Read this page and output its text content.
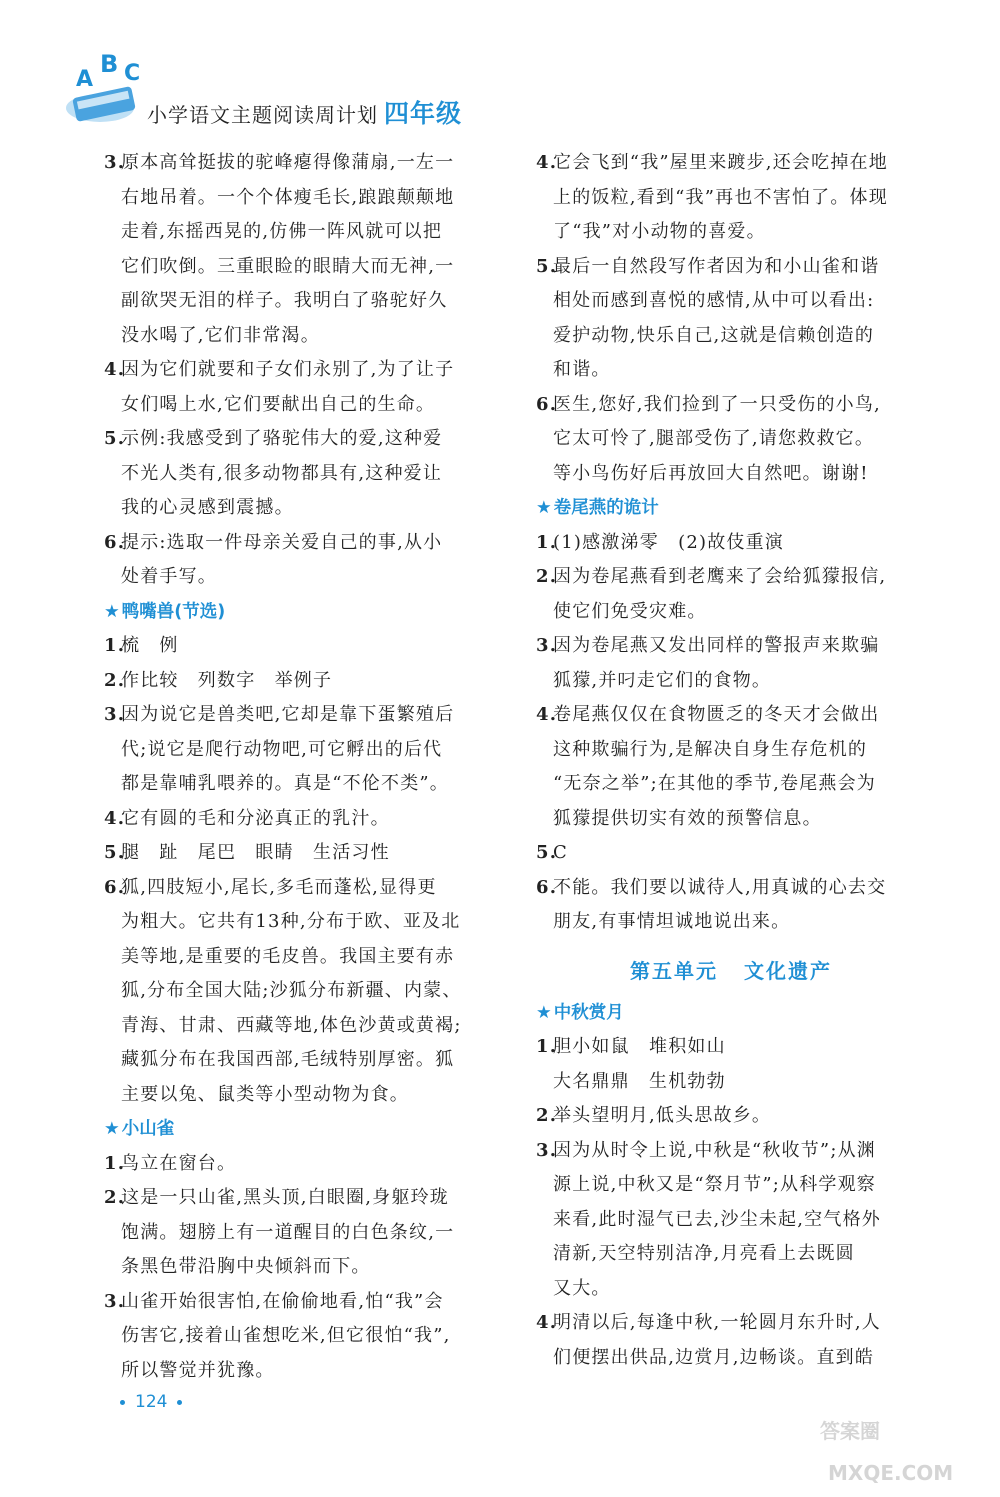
A
B C
小学语文主题阅读周计划 四年级
3.
原本高耸挺拔的驼峰瘪得像蒲扇,一左一
右地吊着。一个个体瘦毛长,踉踉颠颠地
走着,东摇西晃的,仿佛一阵风就可以把
它们吹倒。三重眼睑的眼睛大而无神,一
副欲哭无泪的样子。我明白了骆驼好久
没水喝了,它们非常渴。
4.
因为它们就要和子女们永别了,为了让子
女们喝上水,它们要献出自己的生命。
5.
示例:我感受到了骆驼伟大的爱,这种爱
不光人类有,很多动物都具有,这种爱让
我的心灵感到震撼。
6.
提示:选取一件母亲关爱自己的事,从小
处着手写。
★ 鸭嘴兽(节选)
1.
梳　例
2.
作比较　列数字　举例子
3.
因为说它是兽类吧,它却是靠下蛋繁殖后
代;说它是爬行动物吧,可它孵出的后代
都是靠哺乳喂养的。真是“不伦不类”。
4.
它有圆的毛和分泌真正的乳汁。
5.
腿　趾　尾巴　眼睛　生活习性
6.
狐,四肢短小,尾长,多毛而蓬松,显得更
为粗大。它共有13种,分布于欧、亚及北
美等地,是重要的毛皮兽。我国主要有赤
狐,分布全国大陆;沙狐分布新疆、内蒙、
青海、甘肃、西藏等地,体色沙黄或黄褐;
藏狐分布在我国西部,毛绒特别厚密。狐
主要以兔、鼠类等小型动物为食。
★ 小山雀
1.
鸟立在窗台。
2.
这是一只山雀,黑头顶,白眼圈,身躯玲珑
饱满。翅膀上有一道醒目的白色条纹,一
条黑色带沿胸中央倾斜而下。
3.
山雀开始很害怕,在偷偷地看,怕“我”会
伤害它,接着山雀想吃米,但它很怕“我”,
所以警觉并犹豫。
4.
它会飞到“我”屋里来踱步,还会吃掉在地
上的饭粒,看到“我”再也不害怕了。体现
了“我”对小动物的喜爱。
5.
最后一自然段写作者因为和小山雀和谐
相处而感到喜悦的感情,从中可以看出:
爱护动物,快乐自己,这就是信赖创造的
和谐。
6.
医生,您好,我们捡到了一只受伤的小鸟,
它太可怜了,腿部受伤了,请您救救它。
等小鸟伤好后再放回大自然吧。谢谢!
★ 卷尾燕的诡计
1.
(1)感激涕零　(2)故伎重演
2.
因为卷尾燕看到老鹰来了会给狐獴报信,
使它们免受灾难。
3.
因为卷尾燕又发出同样的警报声来欺骗
狐獴,并叼走它们的食物。
4.
卷尾燕仅仅在食物匮乏的冬天才会做出
这种欺骗行为,是解决自身生存危机的
“无奈之举”;在其他的季节,卷尾燕会为
狐獴提供切实有效的预警信息。
5.
C
6.
不能。我们要以诚待人,用真诚的心去交
朋友,有事情坦诚地说出来。
第五单元 文化遗产
★ 中秋赏月
1.
胆小如鼠　堆积如山
大名鼎鼎　生机勃勃
2.
举头望明月,低头思故乡。
3.
因为从时令上说,中秋是“秋收节”;从渊
源上说,中秋又是“祭月节”;从科学观察
来看,此时湿气已去,沙尘未起,空气格外
清新,天空特别洁净,月亮看上去既圆
又大。
4.
明清以后,每逢中秋,一轮圆月东升时,人
们便摆出供品,边赏月,边畅谈。直到皓
124
答案圈
MXQE.COM
